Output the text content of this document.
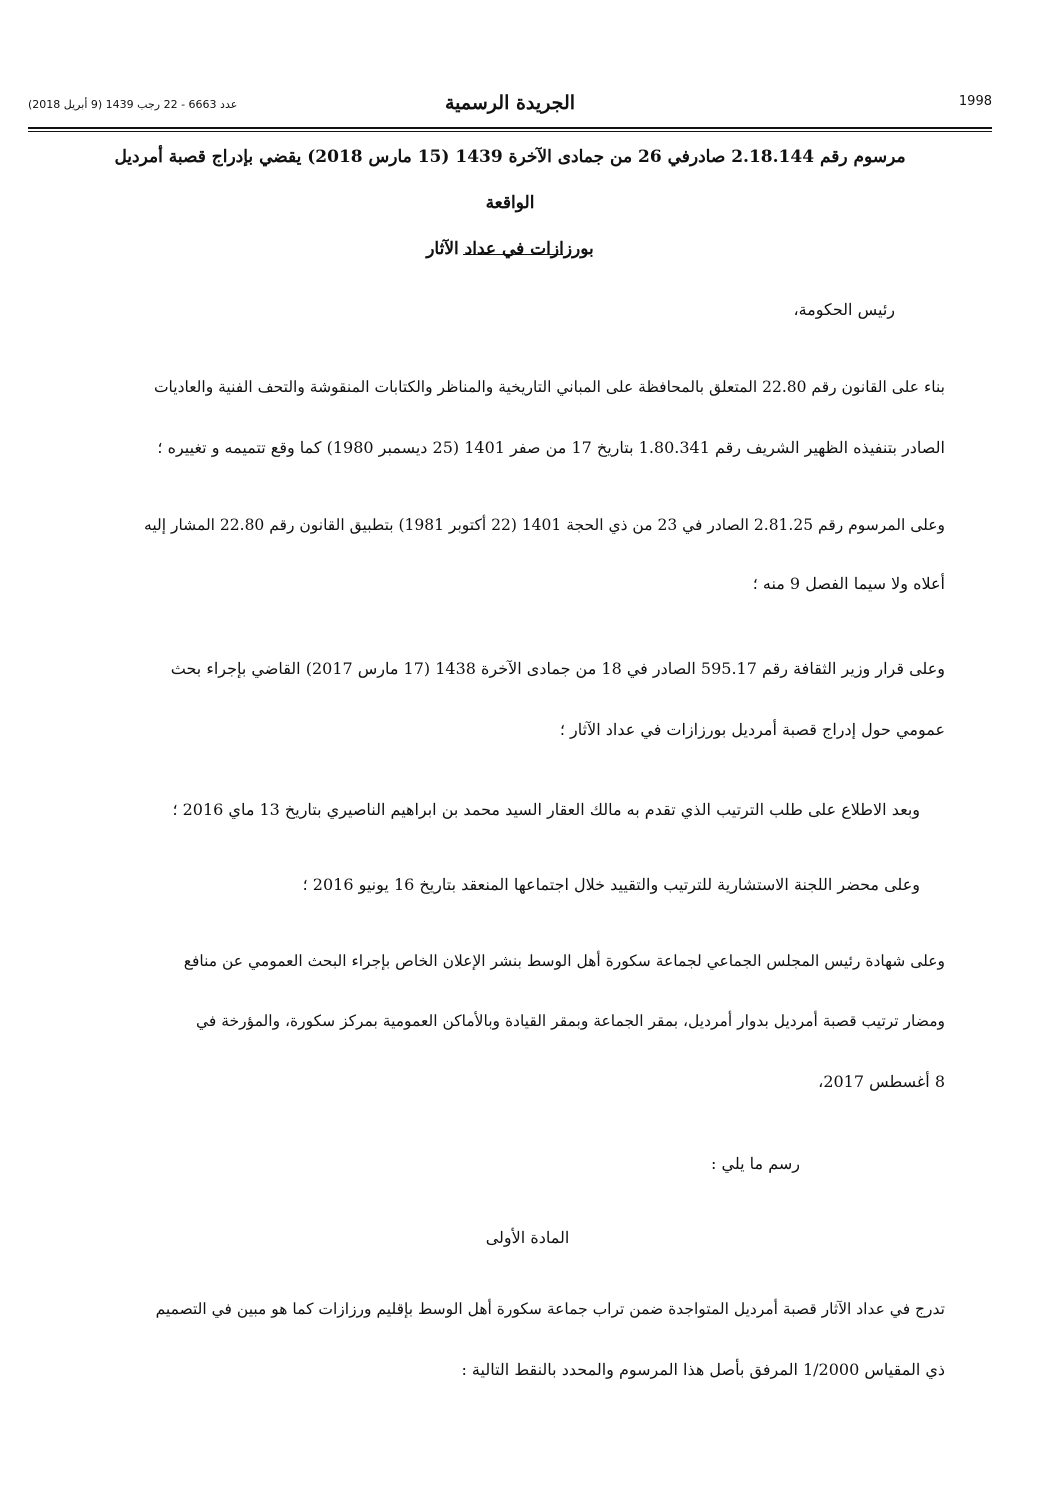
عدد 6663 - 22 رجب 1439 (9 أبريل 2018)	الجريدة الرسمية	1998
مرسوم رقم 2.18.144 صادرفي 26 من جمادى الآخرة 1439 (15 مارس 2018) يقضي بإدراج قصبة أمرديل الواقعة
بورزازات في عداد الآثار
رئيس الحكومة،
بناء على القانون رقم 22.80 المتعلق بالمحافظة على المباني التاريخية والمناظر والكتابات المنقوشة والتحف الفنية والعاديات
الصادر بتنفيذه الظهير الشريف رقم 1.80.341 بتاريخ 17 من صفر 1401 (25 ديسمبر 1980) كما وقع تتميمه و تغييره ؛
وعلى المرسوم رقم 2.81.25 الصادر في 23 من ذي الحجة 1401 (22 أكتوبر 1981) بتطبيق القانون رقم 22.80 المشار إليه
أعلاه ولا سيما الفصل 9 منه ؛
وعلى قرار وزير الثقافة رقم 595.17 الصادر في 18 من جمادى الآخرة 1438 (17 مارس 2017) القاضي بإجراء بحث
عمومي حول إدراج قصبة أمرديل بورزازات في عداد الآثار ؛
وبعد الاطلاع على طلب الترتيب الذي تقدم به مالك العقار السيد محمد بن ابراهيم الناصيري بتاريخ 13 ماي 2016 ؛
وعلى محضر اللجنة الاستشارية للترتيب والتقييد خلال اجتماعها المنعقد بتاريخ 16 يونيو 2016 ؛
وعلى شهادة رئيس المجلس الجماعي لجماعة سكورة أهل الوسط بنشر الإعلان الخاص بإجراء البحث العمومي عن منافع
ومضار ترتيب قصبة أمرديل بدوار أمرديل، بمقر الجماعة وبمقر القيادة وبالأماكن العمومية بمركز سكورة، والمؤرخة في
8 أغسطس 2017،
رسم ما يلي :
المادة الأولى
تدرج في عداد الآثار قصبة أمرديل المتواجدة ضمن تراب جماعة سكورة أهل الوسط بإقليم ورزازات كما هو مبين في التصميم
ذي المقياس 1/2000 المرفق بأصل هذا المرسوم والمحدد بالنقط التالية :
